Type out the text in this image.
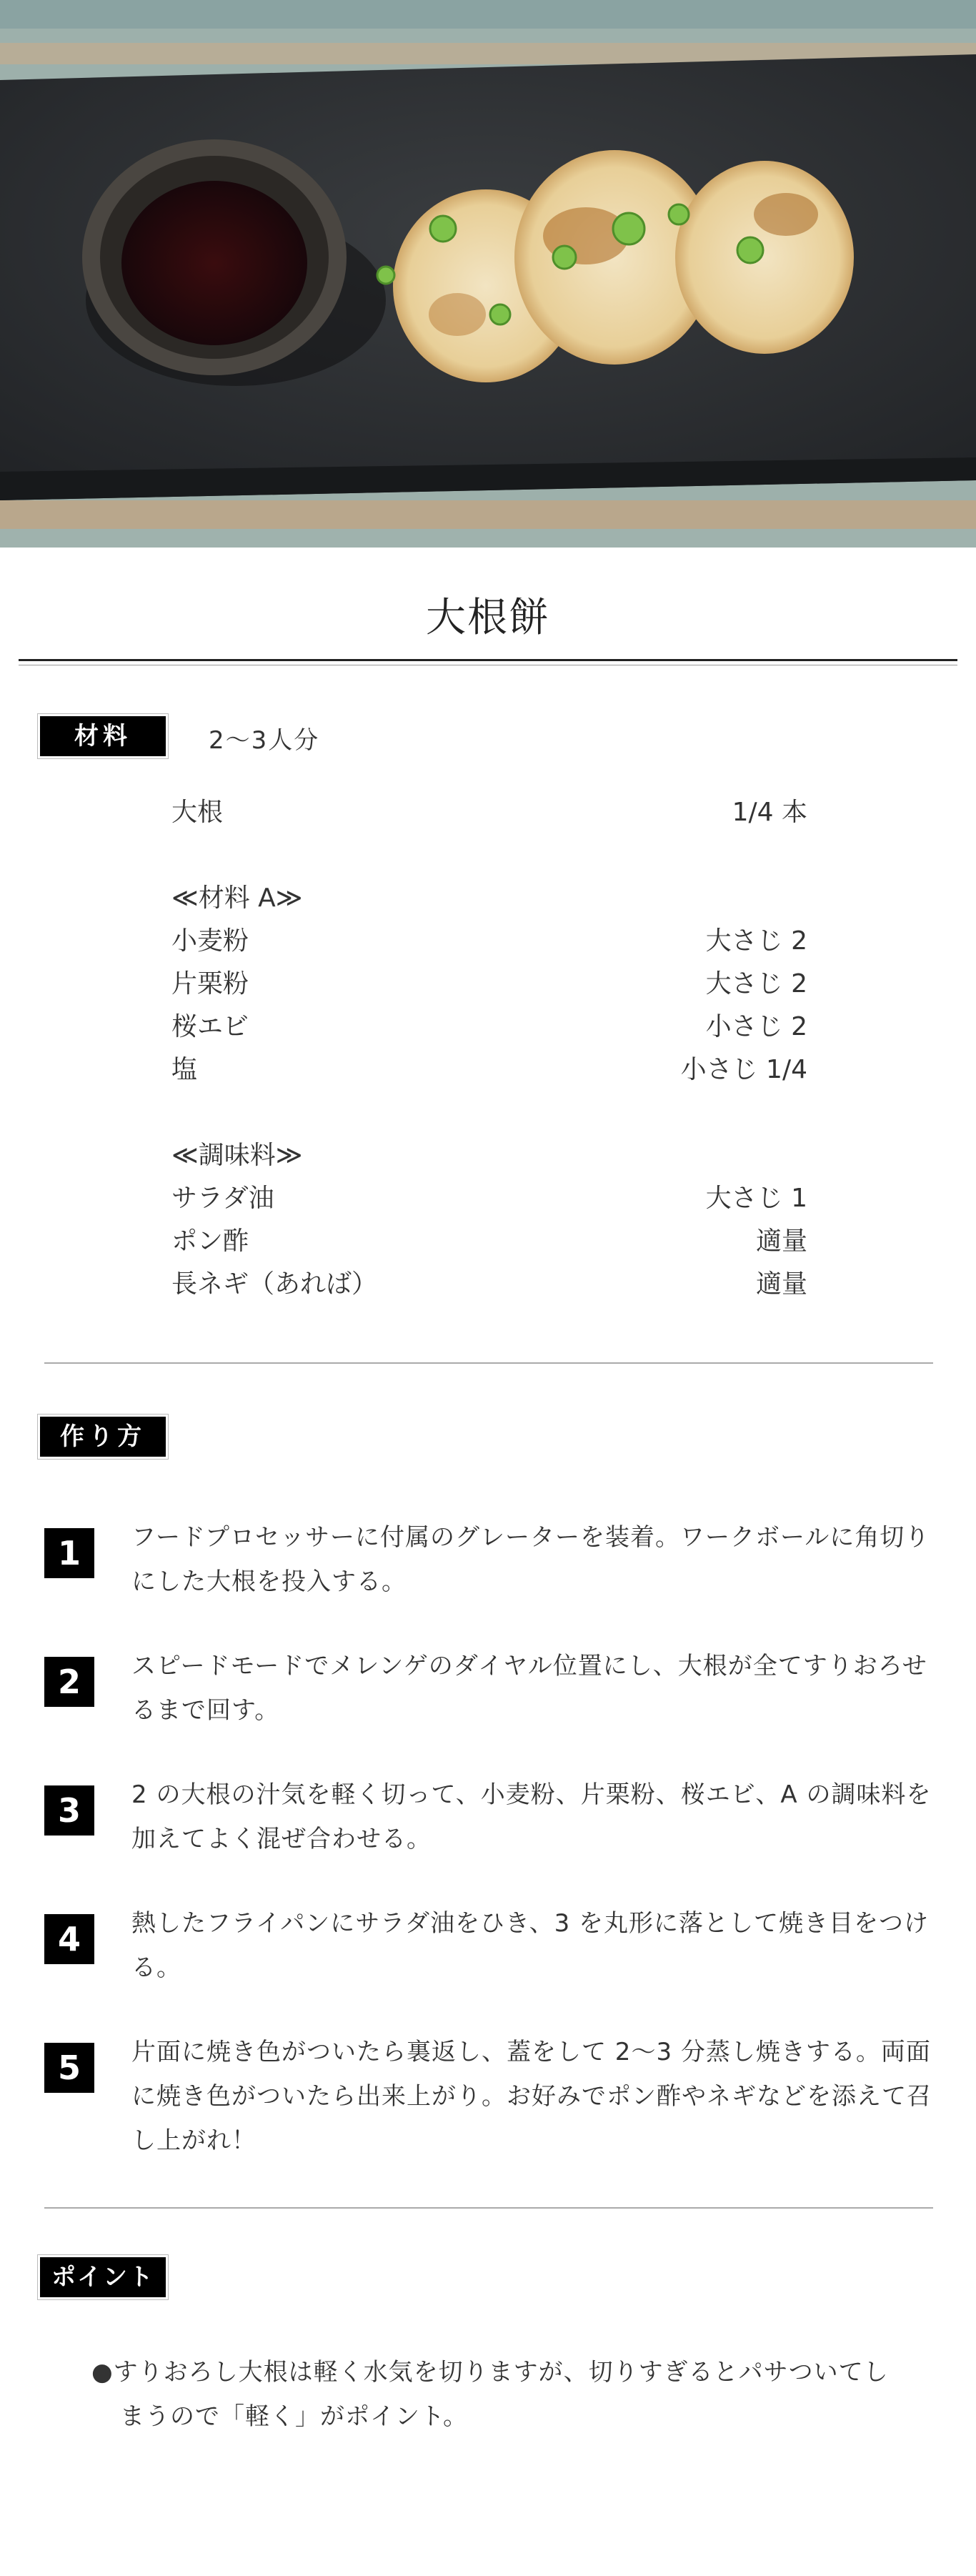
大根餅
材料	2～3人分
大根	1/4 本
≪材料 A≫
小麦粉	大さじ 2
片栗粉	大さじ 2
桜エビ	小さじ 2
塩	小さじ 1/4
≪調味料≫
サラダ油	大さじ 1
ポン酢	適量
長ネギ（あれば）	適量
作り方
1	フードプロセッサーに付属のグレーターを装着。ワークボールに角切りにした大根を投入する。
2	スピードモードでメレンゲのダイヤル位置にし、大根が全てすりおろせるまで回す。
3	2 の大根の汁気を軽く切って、小麦粉、片栗粉、桜エビ、A の調味料を加えてよく混ぜ合わせる。
4	熱したフライパンにサラダ油をひき、3 を丸形に落として焼き目をつける。
5	片面に焼き色がついたら裏返し、蓋をして 2～3 分蒸し焼きする。両面に焼き色がついたら出来上がり。お好みでポン酢やネギなどを添えて召し上がれ！
ポイント
●すりおろし大根は軽く水気を切りますが、切りすぎるとパサついてしまうので「軽く」がポイント。
